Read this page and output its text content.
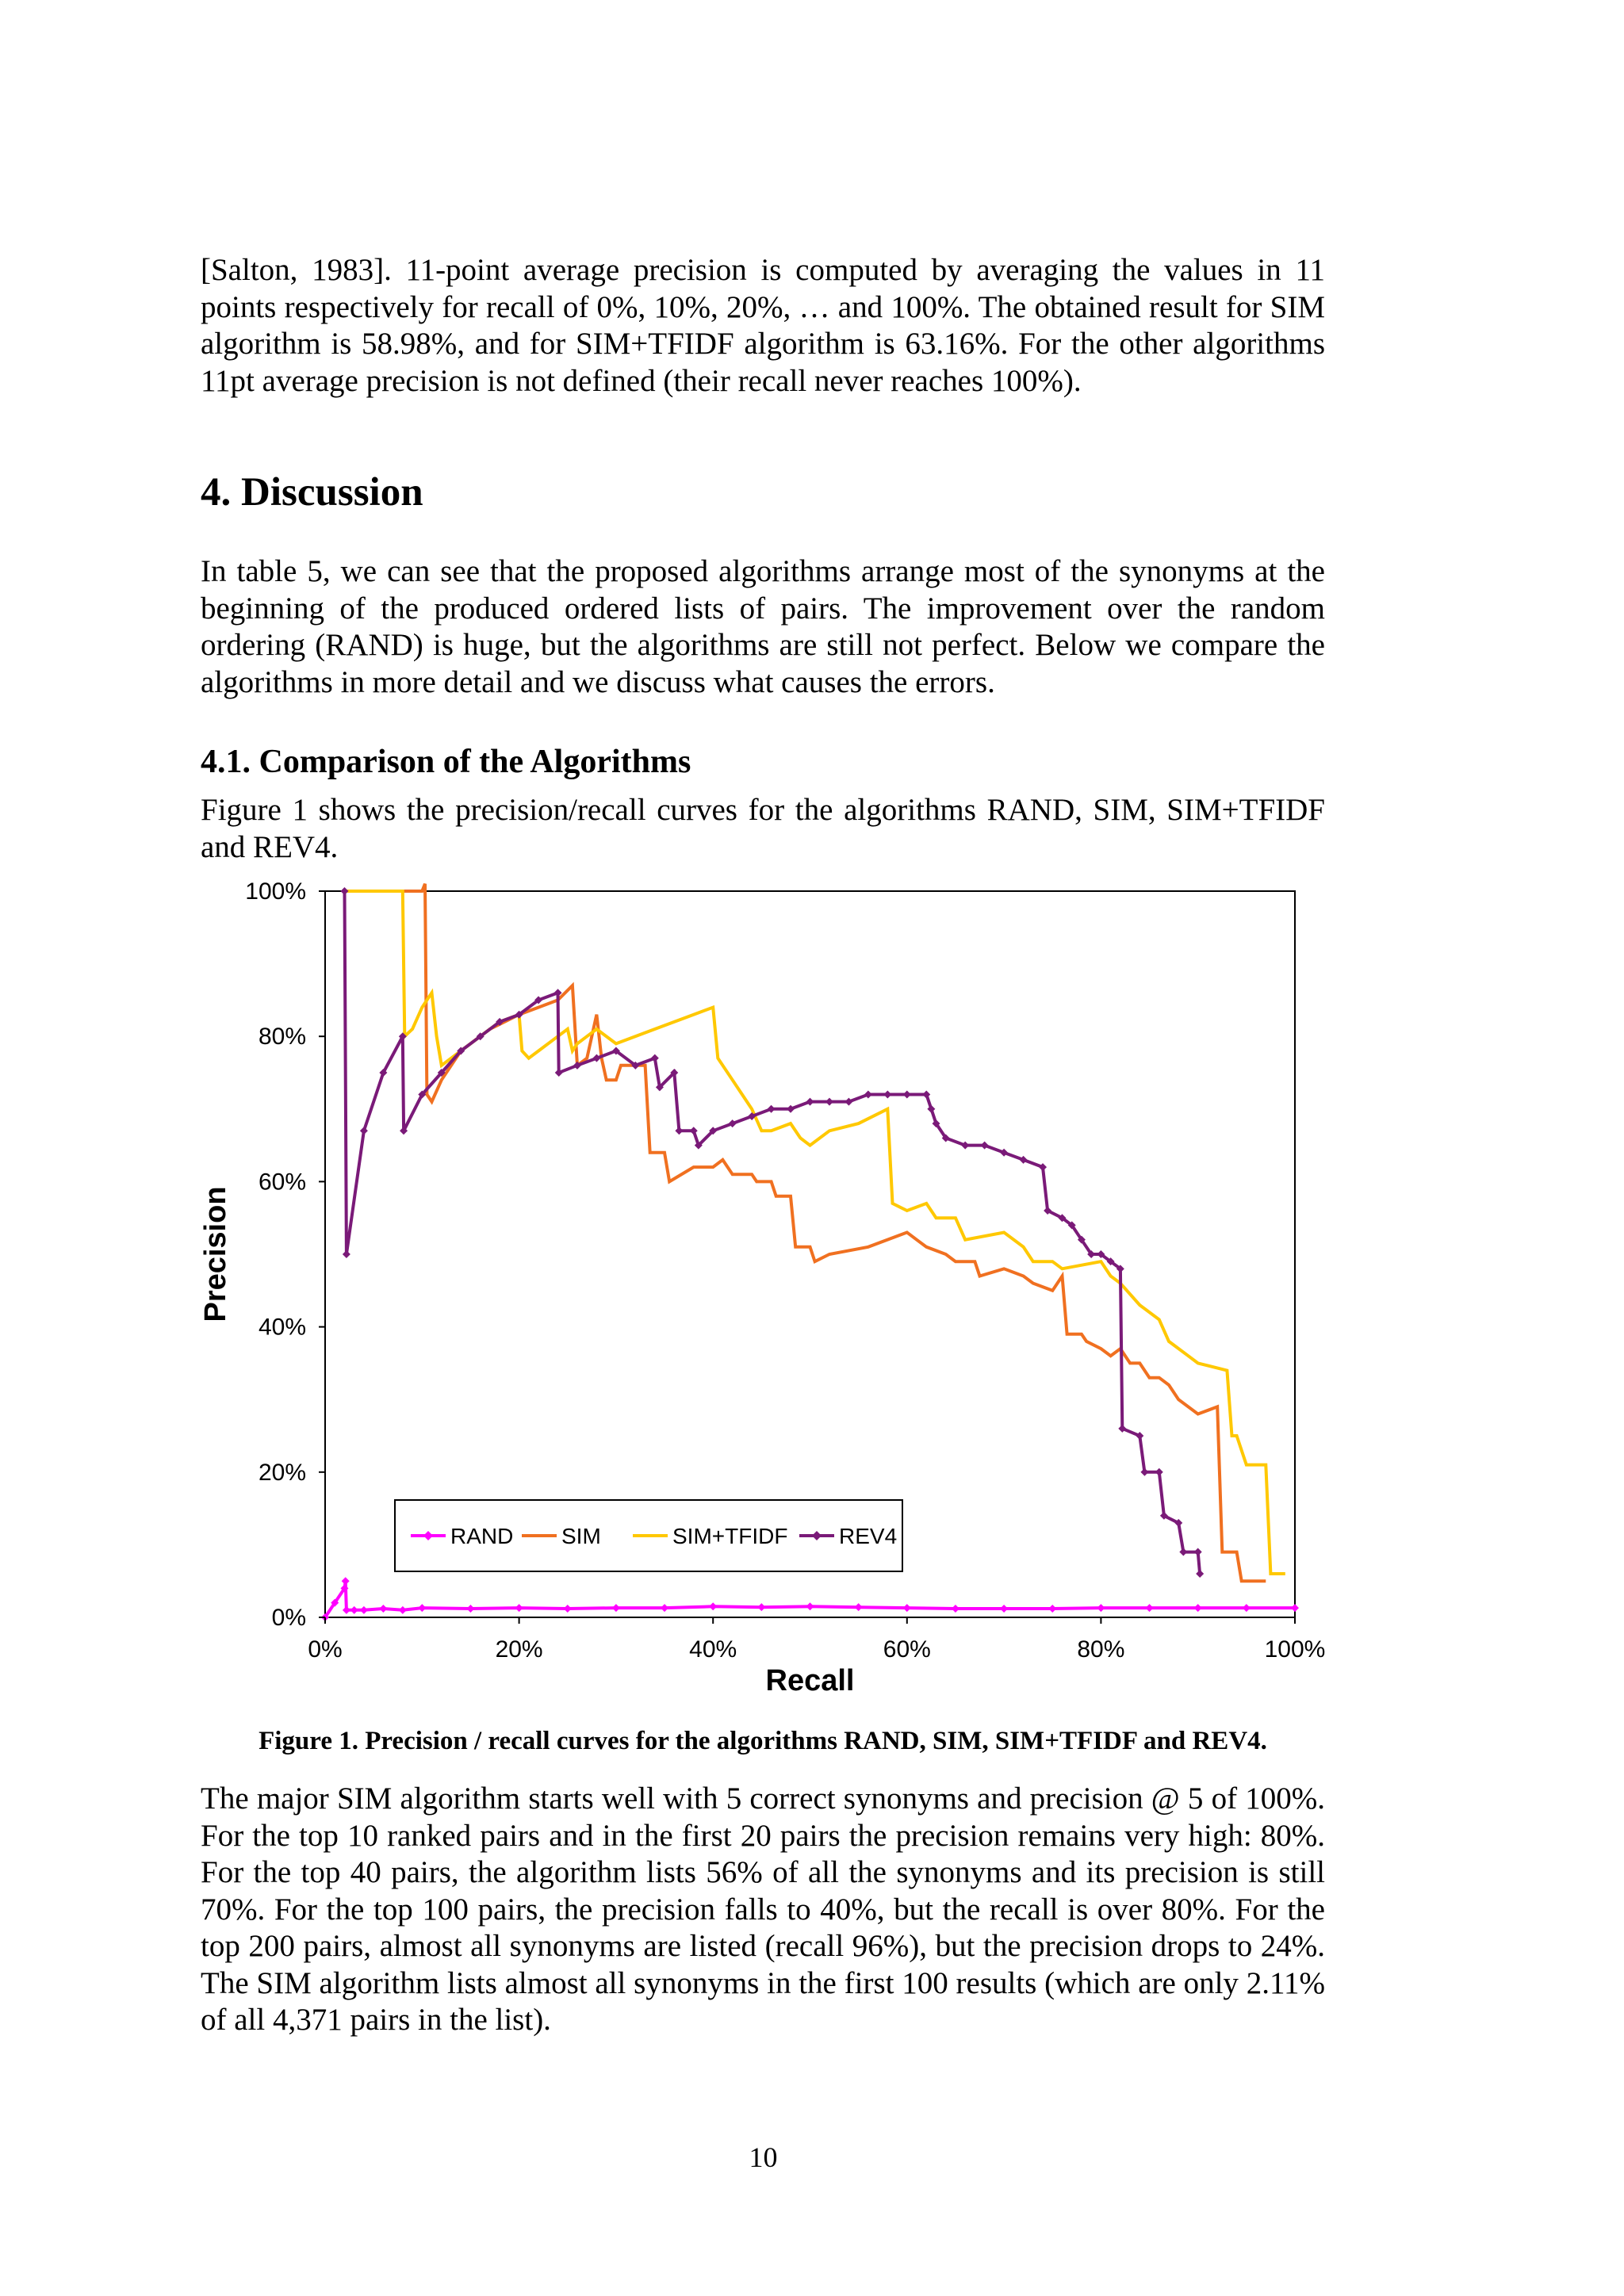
[Salton, 1983]. 11-point average precision is computed by averaging the values in 11 points respectively for recall of 0%, 10%, 20%, … and 100%. The obtained result for SIM algorithm is 58.98%, and for SIM+TFIDF algorithm is 63.16%. For the other algorithms 11pt average precision is not defined (their recall never reaches 100%).

4. Discussion

In table 5, we can see that the proposed algorithms arrange most of the synonyms at the beginning of the produced ordered lists of pairs. The improvement over the random ordering (RAND) is huge, but the algorithms are still not perfect. Below we compare the algorithms in more detail and we discuss what causes the errors.

4.1. Comparison of the Algorithms

Figure 1 shows the precision/recall curves for the algorithms RAND, SIM, SIM+TFIDF and REV4.

0%
20%
40%
60%
80%
100%
0%	20%	40%	60%	80%	100%
Recall
Precision
RAND SIM	SIM+TFIDF REV4

Figure 1. Precision / recall curves for the algorithms RAND, SIM, SIM+TFIDF and REV4.

The major SIM algorithm starts well with 5 correct synonyms and precision @ 5 of 100%. For the top 10 ranked pairs and in the first 20 pairs the precision remains very high: 80%. For the top 40 pairs, the algorithm lists 56% of all the synonyms and its precision is still 70%. For the top 100 pairs, the precision falls to 40%, but the recall is over 80%. For the top 200 pairs, almost all synonyms are listed (recall 96%), but the precision drops to 24%. The SIM algorithm lists almost all synonyms in the first 100 results (which are only 2.11% of all 4,371 pairs in the list).

10
